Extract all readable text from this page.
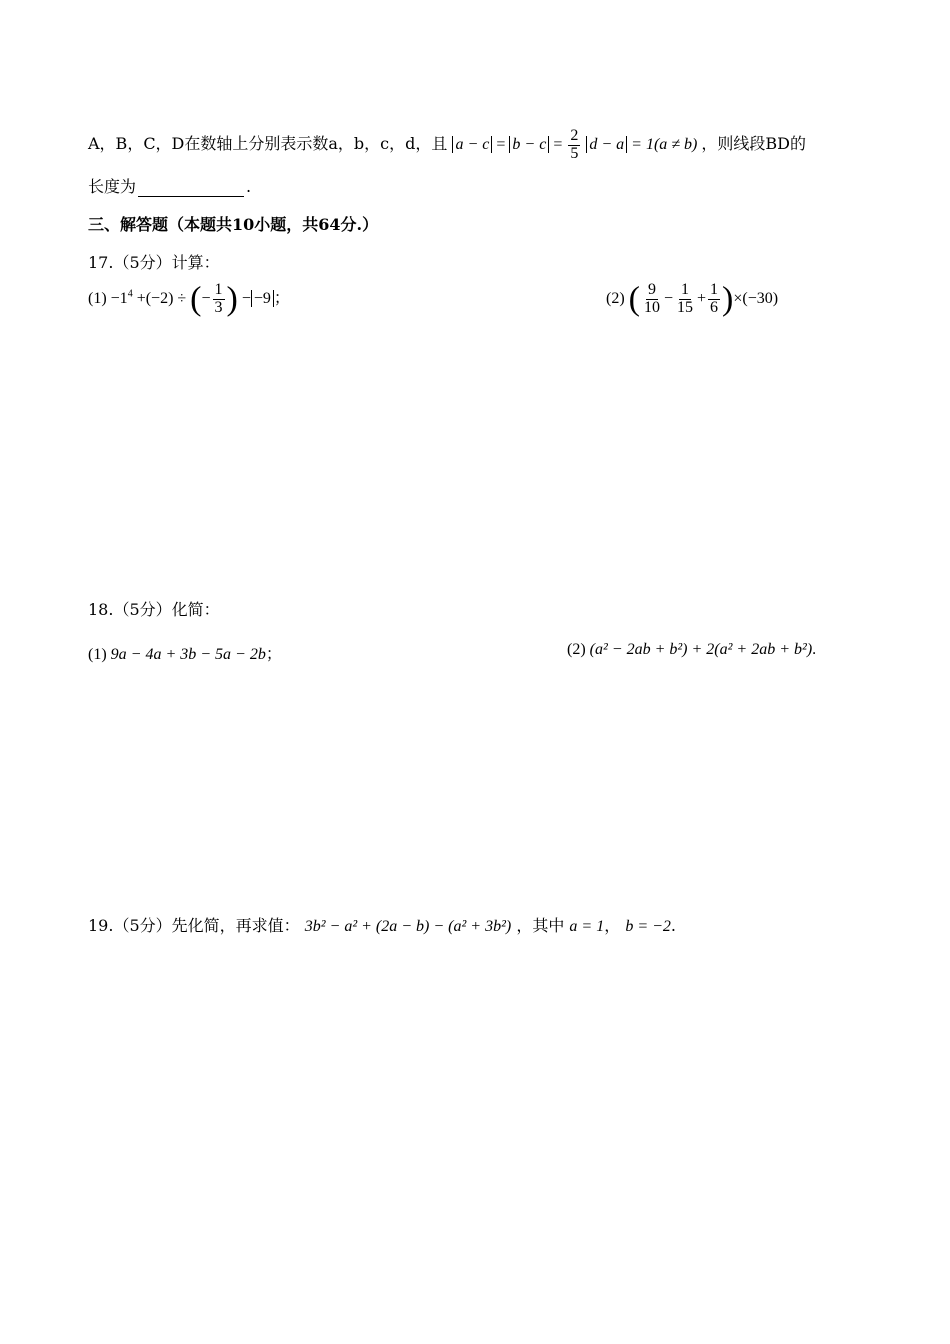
A，B，C，D在数轴上分别表示数a，b，c，d，且 $a - c = b - c = \frac{2}{5}$ d − a = 1(a ≠ b) ，则线段BD的
长度为	.
三、解答题（本题共10小题，共64分.）
17.（5分）计算：
$(1) -1^4 +(-2)$ ÷ (− $\frac{1}{3}$ ) − −9 ；	(2) ( $\frac{9}{10} - \frac{1}{15} + \frac{1}{6} )\times(-30)$
18.（5分）化简：
(1) 9a − 4a + 3b − 5a − 2b；	(2) (a² − 2ab + b²) + 2(a² + 2ab + b²).
19.（5分）先化简，再求值： 3b² − a² + (2a − b) − (a² + 3b²) ，其中 a = 1， b = −2.
